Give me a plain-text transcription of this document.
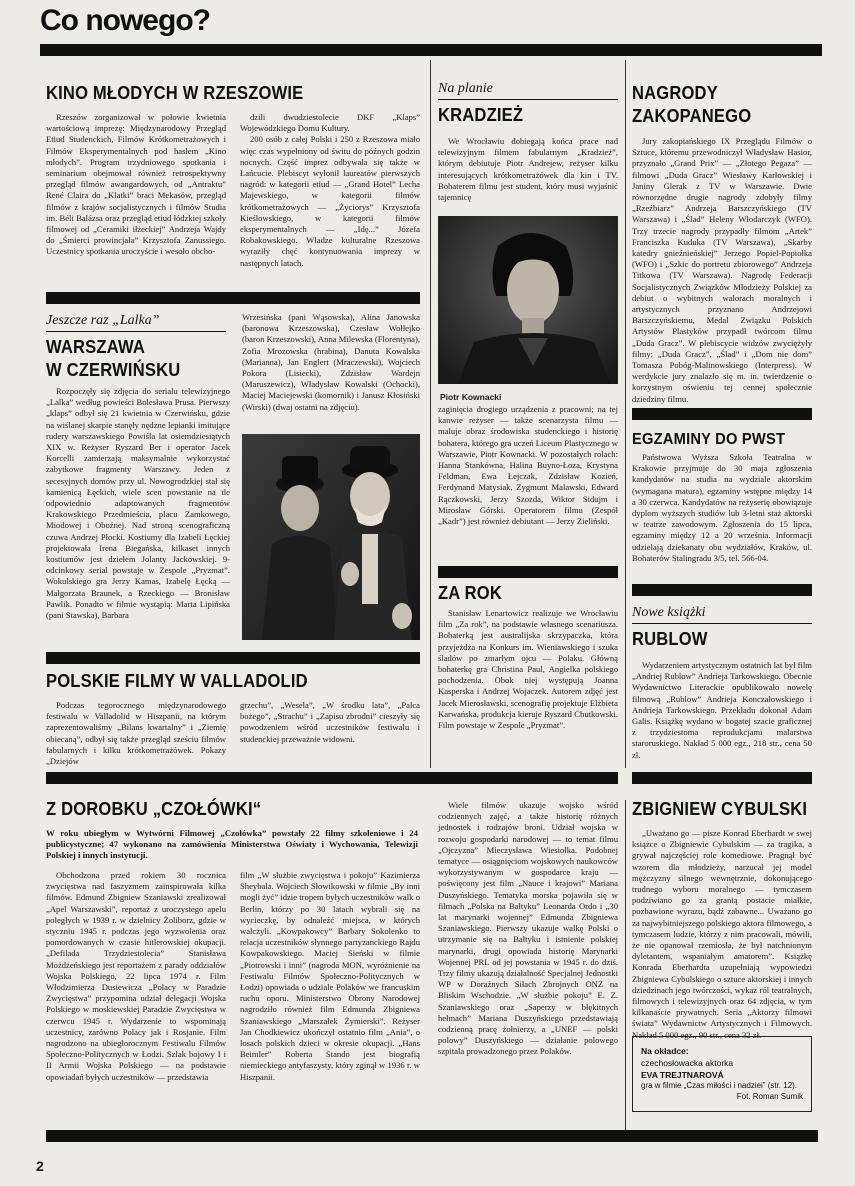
Co nowego?
KINO MŁODYCH W RZESZOWIE

Rzeszów zorganizował w połowie kwietnia wartościową imprezę: Międzynarodowy Przegląd Etiud Studenckich, Filmów Krótkometrażowych i Filmów Eksperymentalnych pod hasłem „Kino młodych”. Program trzydniowego spotkania i seminarium obejmował również retrospektywny przegląd filmów awangardowych, od „Antraktu” René Claira do „Klatki” braci Mekasów, przegląd filmów z krajów socjalistycznych i filmów Studia im. Béli Balázsa oraz przegląd etiud łódzkiej szkoły filmowej od „Ceramiki iłżeckiej” Andrzeja Wajdy do „Śmierci prowincjała” Krzysztofa Zanussiego. Uczestnicy spotkania uroczyście i wesoło obcho-

dzili dwudziestolecie DKF „Klaps” Wojewódzkiego Domu Kultury.

200 osób z całej Polski i 250 z Rzeszowa miało więc czas wypełniony od świtu do późnych godzin nocnych. Część imprez odbywała się także w Łańcucie. Plebiscyt wyłonił laureatów pierwszych nagród: w kategorii etiud — „Grand Hotel” Lecha Majewskiego, w kategorii filmów krótkometrażowych — „Życiorys” Krzysztofa Kieślowskiego, w kategorii filmów eksperymentalnych — „Idę...” Józefa Robakowskiego. Władze kulturalne Rzeszowa wyraziły chęć kontynuowania imprezy w następnych latach.

Jeszcze raz „Lalka”
WARSZAWA
W CZERWIŃSKU

Rozpoczęły się zdjęcia do serialu telewizyjnego „Lalka” według powieści Bolesława Prusa. Pierwszy „klaps” odbył się 21 kwietnia w Czerwińsku, gdzie na wiślanej skarpie stanęły nędzne lepianki imitujące rudery warszawskiego Powiśla lat osiemdziesiątych XIX w. Reżyser Ryszard Ber i operator Jacek Korcelli zamierzają maksymalnie wykorzystać zabytkowe fragmenty Warszawy. Jeden z secesyjnych domów przy ul. Nowogrodzkiej stał się kamienicą Łęckich, wiele scen powstanie na tle odpowiednio adaptowanych fragmentów Krakowskiego Przedmieścia, placu Zamkowego, Miodowej i Oboźnej. Nad stroną scenograficzną czuwa Andrzej Płocki. Kostiumy dla Izabeli Łęckiej projektowała Irena Biegańska, kilkaset innych kostiumów jest dziełem Jolanty Jackowskiej. 9-odcinkowy serial powstaje w Zespole „Pryzmat”. Wokulskiego gra Jerzy Kamas, Izabelę Łęcką — Małgorzata Braunek, a Rzeckiego — Bronisław Pawlik. Ponadto w filmie wystąpią: Marta Lipińska (pani Stawska), Barbara

Wrzesińska (pani Wąsowska), Alina Janowska (baronowa Krzeszowska), Czesław Wołłejko (baron Krzeszowski), Anna Milewska (Florentyna), Zofia Mrozowska (hrabina), Danuta Kowalska (Marianna), Jan Englert (Mraczewski), Wojciech Pokora (Lisiecki), Zdzisław Wardejn (Maruszewicz), Władysław Kowalski (Ochocki), Maciej Maciejewski (komornik) i Janusz Kłosiński (Wirski) (dwaj ostatni na zdjęciu).

POLSKIE FILMY W VALLADOLID

Podczas tegorocznego międzynarodowego festiwalu w Valladolid w Hiszpanii, na którym zaprezentowaliśmy „Bilans kwartalny” i „Ziemię obiecaną”, odbył się także przegląd sześciu filmów fabularnych i kilku krótkometrażówek. Pokazy „Dziejów

grzechu”, „Wesela”, „W środku lata”, „Palca bożego”, „Strachu” i „Zapisu zbrodni” cieszyły się powodzeniem wśród uczestników festiwalu i studenckiej przeważnie widowni.

Na planie
KRADZIEŻ

We Wrocławiu dobiegają końca prace nad telewizyjnym filmem fabularnym „Kradzież”, którym debiutuje Piotr Andrejew, reżyser kilku interesujących krótkometrażówek dla kin i TV. Bohaterem filmu jest student, który musi wyjaśnić tajemnicę

Piotr Kownacki

zaginięcia drogiego urządzenia z pracowni; na tej kanwie reżyser — także scenarzysta filmu — maluje obraz środowiska studenckiego i historię bohatera, którego gra uczeń Liceum Plastycznego w Warszawie, Piotr Kownacki. W pozostałych rolach: Hanna Stankówna, Halina Buyno-Łoza, Krystyna Feldman, Ewa Łejczak, Zdzisław Kozień, Ferdynand Matysiak, Zygmunt Malawski, Edward Rączkowski, Jerzy Szozda, Wiktor Sidujm i Mirosław Górski. Operatorem filmu (Zespół „Kadr”) jest również debiutant — Jerzy Zieliński.

ZA ROK

Stanisław Lenartowicz realizuje we Wrocławiu film „Za rok”, na podstawie własnego scenariusza. Bohaterką jest australijska skrzypaczka, która przyjeżdża na Konkurs im. Wieniawskiego i szuka śladów po zmarłym ojcu — Polaku. Główną bohaterkę gra Christina Paul, Angielka polskiego pochodzenia. Obok niej występują Joanna Kasperska i Andrzej Wojaczek. Autorem zdjęć jest Jacek Mierosławski, scenografię projektuje Elżbieta Karwańska, produkcja kieruje Ryszard Chutkowski. Film powstaje w Zespole „Pryzmat”.

NAGRODY
ZAKOPANEGO

Jury zakopiańskiego IX Przeglądu Filmów o Sztuce, któremu przewodniczył Władysław Hasior, przyznało „Grand Prix” — „Złotego Pegaza” — filmowi „Duda Gracz” Wiesławy Karłowskiej i Janiny Glerak z TV w Warszawie. Dwie równorzędne drugie nagrody zdobyły filmy „Rzeźbiarz” Andrzeja Barszczyńskiego (TV Warszawa) i „Ślad” Heleny Włodarczyk (WFO). Trzy trzecie nagrody przypadły filmom „Artek” Franciszka Kuduka (TV Warszawa), „Skarby katedry gnieźnieńskiej” Jerzego Popiel-Popiołka (WFO) i „Szkic do portretu zbiorowego” Andrzeja Titkowa (TV Warszawa). Nagrodę Federacji Socjalistycznych Związków Młodzieży Polskiej za debiut o wybitnych walorach moralnych i artystycznych przyznano Andrzejowi Barszczyńskiemu, Medal Związku Polskich Artystów Plastyków przypadł twórcom filmu „Duda Gracz”. W plebiscycie widzów zwyciężyły filmy: „Duda Gracz”, „Ślad” i „Dom nie dom” Tomasza Pobóg-Malinowskiego (Interpress). W werdykcie jury znalazło się m. in. twierdzenie o korzystnym oświeniu tej cennej społecznie dziedziny filmu.

EGZAMINY DO PWST

Państwowa Wyższa Szkoła Teatralna w Krakowie przyjmuje do 30 maja zgłoszenia kandydatów na studia na wydziale aktorskim (wymagana matura), egzaminy wstępne między 14 a 30 czerwca. Kandydatów na reżyserię obowiązuje dyplom wyższych studiów lub 3-letni staż aktorski w teatrze zawodowym. Zgłoszenia do 15 lipca, egzaminy między 12 a 20 września. Informacji udzielają dziekanaty obu wydziałów, Kraków, ul. Bohaterów Stalingradu 3/5, tel. 566-04.

Nowe książki
RUBLOW

Wydarzeniem artystycznym ostatnich lat był film „Andriej Rublow” Andrieja Tarkowskiego. Obecnie Wydawnictwo Literackie opublikowało nowelę filmową „Rublow” Andrieja Konczałowskiego i Andrieja Tarkowskiego. Przekładu dokonał Adam Galis. Książkę wydano w bogatej szacie graficznej z trzydziestoma reprodukcjami malarstwa staroruskiego. Nakład 5 000 egz., 218 str., cena 50 zł.

Z DOROBKU „CZOŁÓWKI“
W roku ubiegłym w Wytwórni Filmowej „Czołówka” powstały 22 filmy szkoleniowe i 24 publicystyczne; 47 wykonano na zamówienia Ministerstwa Oświaty i Wychowania, Telewizji Polskiej i innych instytucji.

Obchodzona przed rokiem 30 rocznica zwycięstwa nad faszyzmem zainspirowała kilka filmów. Edmund Zbigniew Szaniawski zrealizował „Apel Warszawski”, reportaż z uroczystego apelu poległych w 1939 r. w dzielnicy Żoliborz, gdzie w styczniu 1945 r. podczas jego wyzwolenia oraz pomordowanych w czasie hitlerowskiej okupacji. „Defilada Trzydziestolecia” Stanisława Możdżeńskiego jest reportażem z parady oddziałów Wojska Polskiego, 22 lipca 1974 r. Film Włodzimierza Dusiewicza „Polacy w Paradzie Zwycięstwa” przypomina udział delegacji Wojska Polskiego w moskiewskiej Paradzie Zwycięstwa w czerwcu 1945 r. Wydarzenie to wspominają uczestnicy, zarówno Polacy jak i Rosjanie. Film nagrodzono na ubiegłorocznym Festiwalu Filmów Społeczno-Politycznych w Łodzi. Szlak bojowy I i II Armii Wojska Polskiego — na podstawie opowiadań byłych uczestników — przedstawia

film „W służbie zwycięstwa i pokoju” Kazimierza Sheybala. Wojciech Słowikowski w filmie „By inni mogli żyć” idzie tropem byłych uczestników walk o Berlin, którzy po 30 latach wybrali się na wycieczkę, by odnaleźć miejsca, w których walczyli. „Kowpakowcy” Barbary Sokolenko to relacja uczestników słynnego partyzanckiego Rajdu Kowpakowskiego. Maciej Sieński w filmie „Piotrowski i inni” (nagroda MON, wyróżnienie na Festiwalu Filmów Społeczno-Politycznych w Łodzi) opowiada o udziale Polaków we francuskim ruchu oporu. Ministerstwo Obrony Narodowej nagrodziło również film Edmunda Zbigniewa Szaniawskiego „Marszałek Żymierski”. Reżyser Jan Chodkiewicz ukończył ostatnio film „Ania”, o losach polskich dzieci w okresie okupacji. „Hans Beimler” Roberta Stando jest biografią niemieckiego antyfaszysty, który zginął w 1936 r. w Hiszpanii.

Wiele filmów ukazuje wojsko wśród codziennych zajęć, a także historię różnych jednostek i rodzajów broni. Udział wojska w rozwoju gospodarki narodowej — to temat filmu „Ojczyzna” Mieczysława Wiesiołka. Podobnej tematyce — osiągnięciom wojskowych naukowców wykorzystywanym w gospodarce kraju — poświęcony jest film „Nauce i krajowi” Mariana Duszyńskiego. Tematyka morska pojawiła się w filmach „Polska na Bałtyku” Leonarda Ordo i „30 lat marynarki wojennej” Edmunda Zbigniewa Szaniawskiego. Pierwszy ukazuje walkę Polski o utrzymanie się na Bałtyku i istnienie polskiej marynarki, drugi opowiada historię Marynarki Wojennej PRL od jej powstania w 1945 r. do dziś. Trzy filmy ukazują działalność Specjalnej Jednostki WP w Doraźnych Siłach Zbrojnych ONZ na Bliskim Wschodzie. „W służbie pokoju” E. Z. Szaniawskiego oraz „Saperzy w błękitnych hełmach” Mariana Duszyńskiego przedstawiają codzienną pracę żołnierzy, a „UNEF — polski polowy” Duszyńskiego — działanie polowego szpitala prowadzonego przez Polaków.

ZBIGNIEW CYBULSKI

„Uważano go — pisze Konrad Eberhardt w swej książce o Zbigniewie Cybulskim — za tragika, a grywał najczęściej role komediowe. Pragnął być wzorem dla młodzieży, narzucał jej model mężczyzny silnego wewnętrznie, dokonującego trudnego wyboru moralnego — tymczasem podziwiano go za granią postacie miałkie, pozbawione wyrazu, bądź zabawne... Uważano go za najwybitniejszego polskiego aktora filmowego, a tymczasem ludzie, którzy z nim pracowali, mówili, że nie opanował rzemiosła, że był natchnionym dyletantem, wspaniałym amatorem”. Książkę Konrada Eberhardta uzupełniają wypowiedzi Zbigniewa Cybulskiego o sztuce aktorskiej i innych dziedzinach jego twórczości, wykaz ról teatralnych, filmowych i telewizyjnych oraz 64 zdjęcia, w tym kilkanaście prywatnych. Seria „Aktorzy filmowi świata” Wydawnictw Artystycznych i Filmowych. Nakład 5 000 egz., 90 str., cena 32 zł.

Na okładce:
czechosłowacka aktorka
EVA TREJTNAROVÁ
gra w filmie „Czas miłości i nadziei” (str. 12).
Fot. Roman Sumik
2
